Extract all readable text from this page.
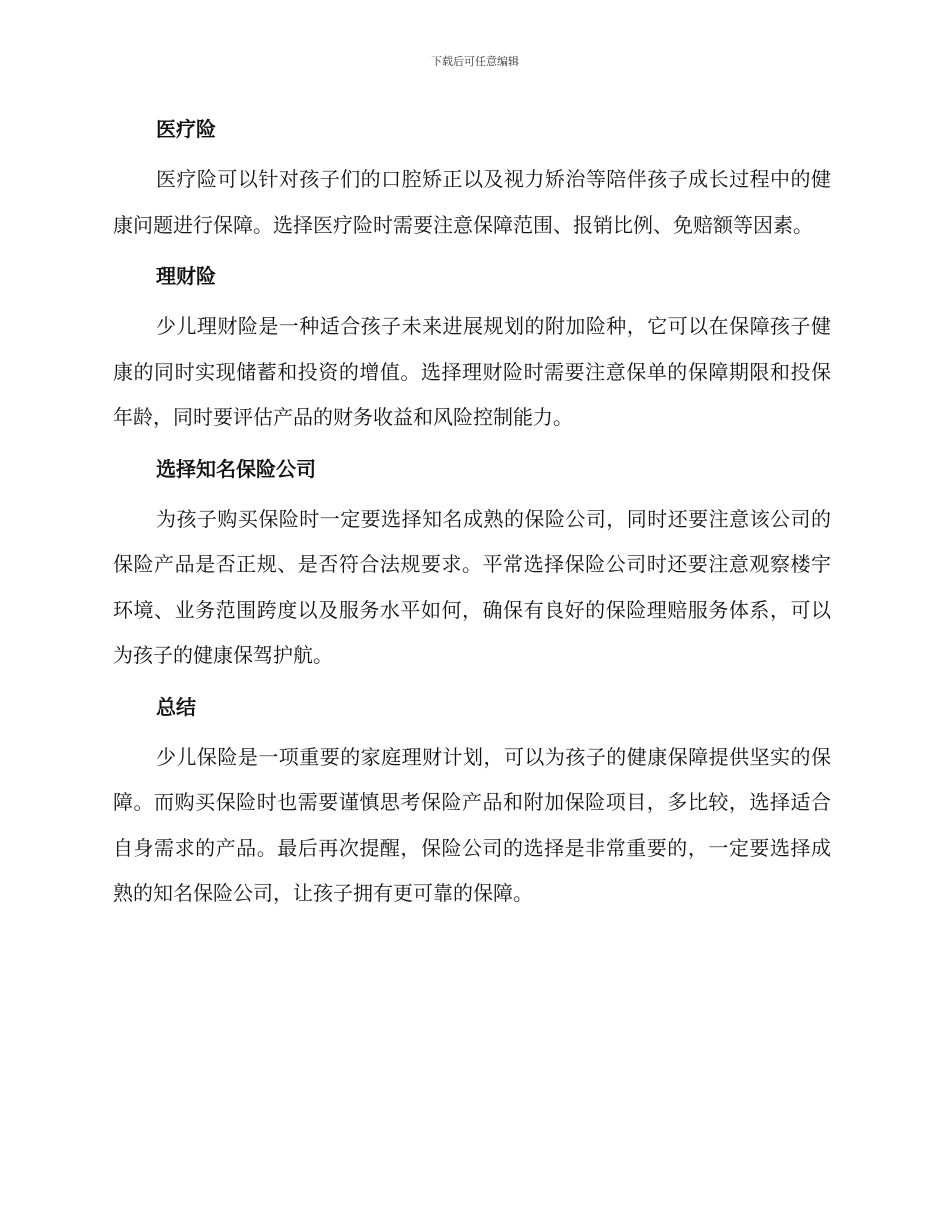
下载后可任意编辑
医疗险

医疗险可以针对孩子们的口腔矫正以及视力矫治等陪伴孩子成长过程中的健康问题进行保障。选择医疗险时需要注意保障范围、报销比例、免赔额等因素。

理财险

少儿理财险是一种适合孩子未来进展规划的附加险种，它可以在保障孩子健康的同时实现储蓄和投资的增值。选择理财险时需要注意保单的保障期限和投保年龄，同时要评估产品的财务收益和风险控制能力。

选择知名保险公司

为孩子购买保险时一定要选择知名成熟的保险公司，同时还要注意该公司的保险产品是否正规、是否符合法规要求。平常选择保险公司时还要注意观察楼宇环境、业务范围跨度以及服务水平如何，确保有良好的保险理赔服务体系，可以为孩子的健康保驾护航。

总结

少儿保险是一项重要的家庭理财计划，可以为孩子的健康保障提供坚实的保障。而购买保险时也需要谨慎思考保险产品和附加保险项目，多比较，选择适合自身需求的产品。最后再次提醒，保险公司的选择是非常重要的，一定要选择成熟的知名保险公司，让孩子拥有更可靠的保障。
